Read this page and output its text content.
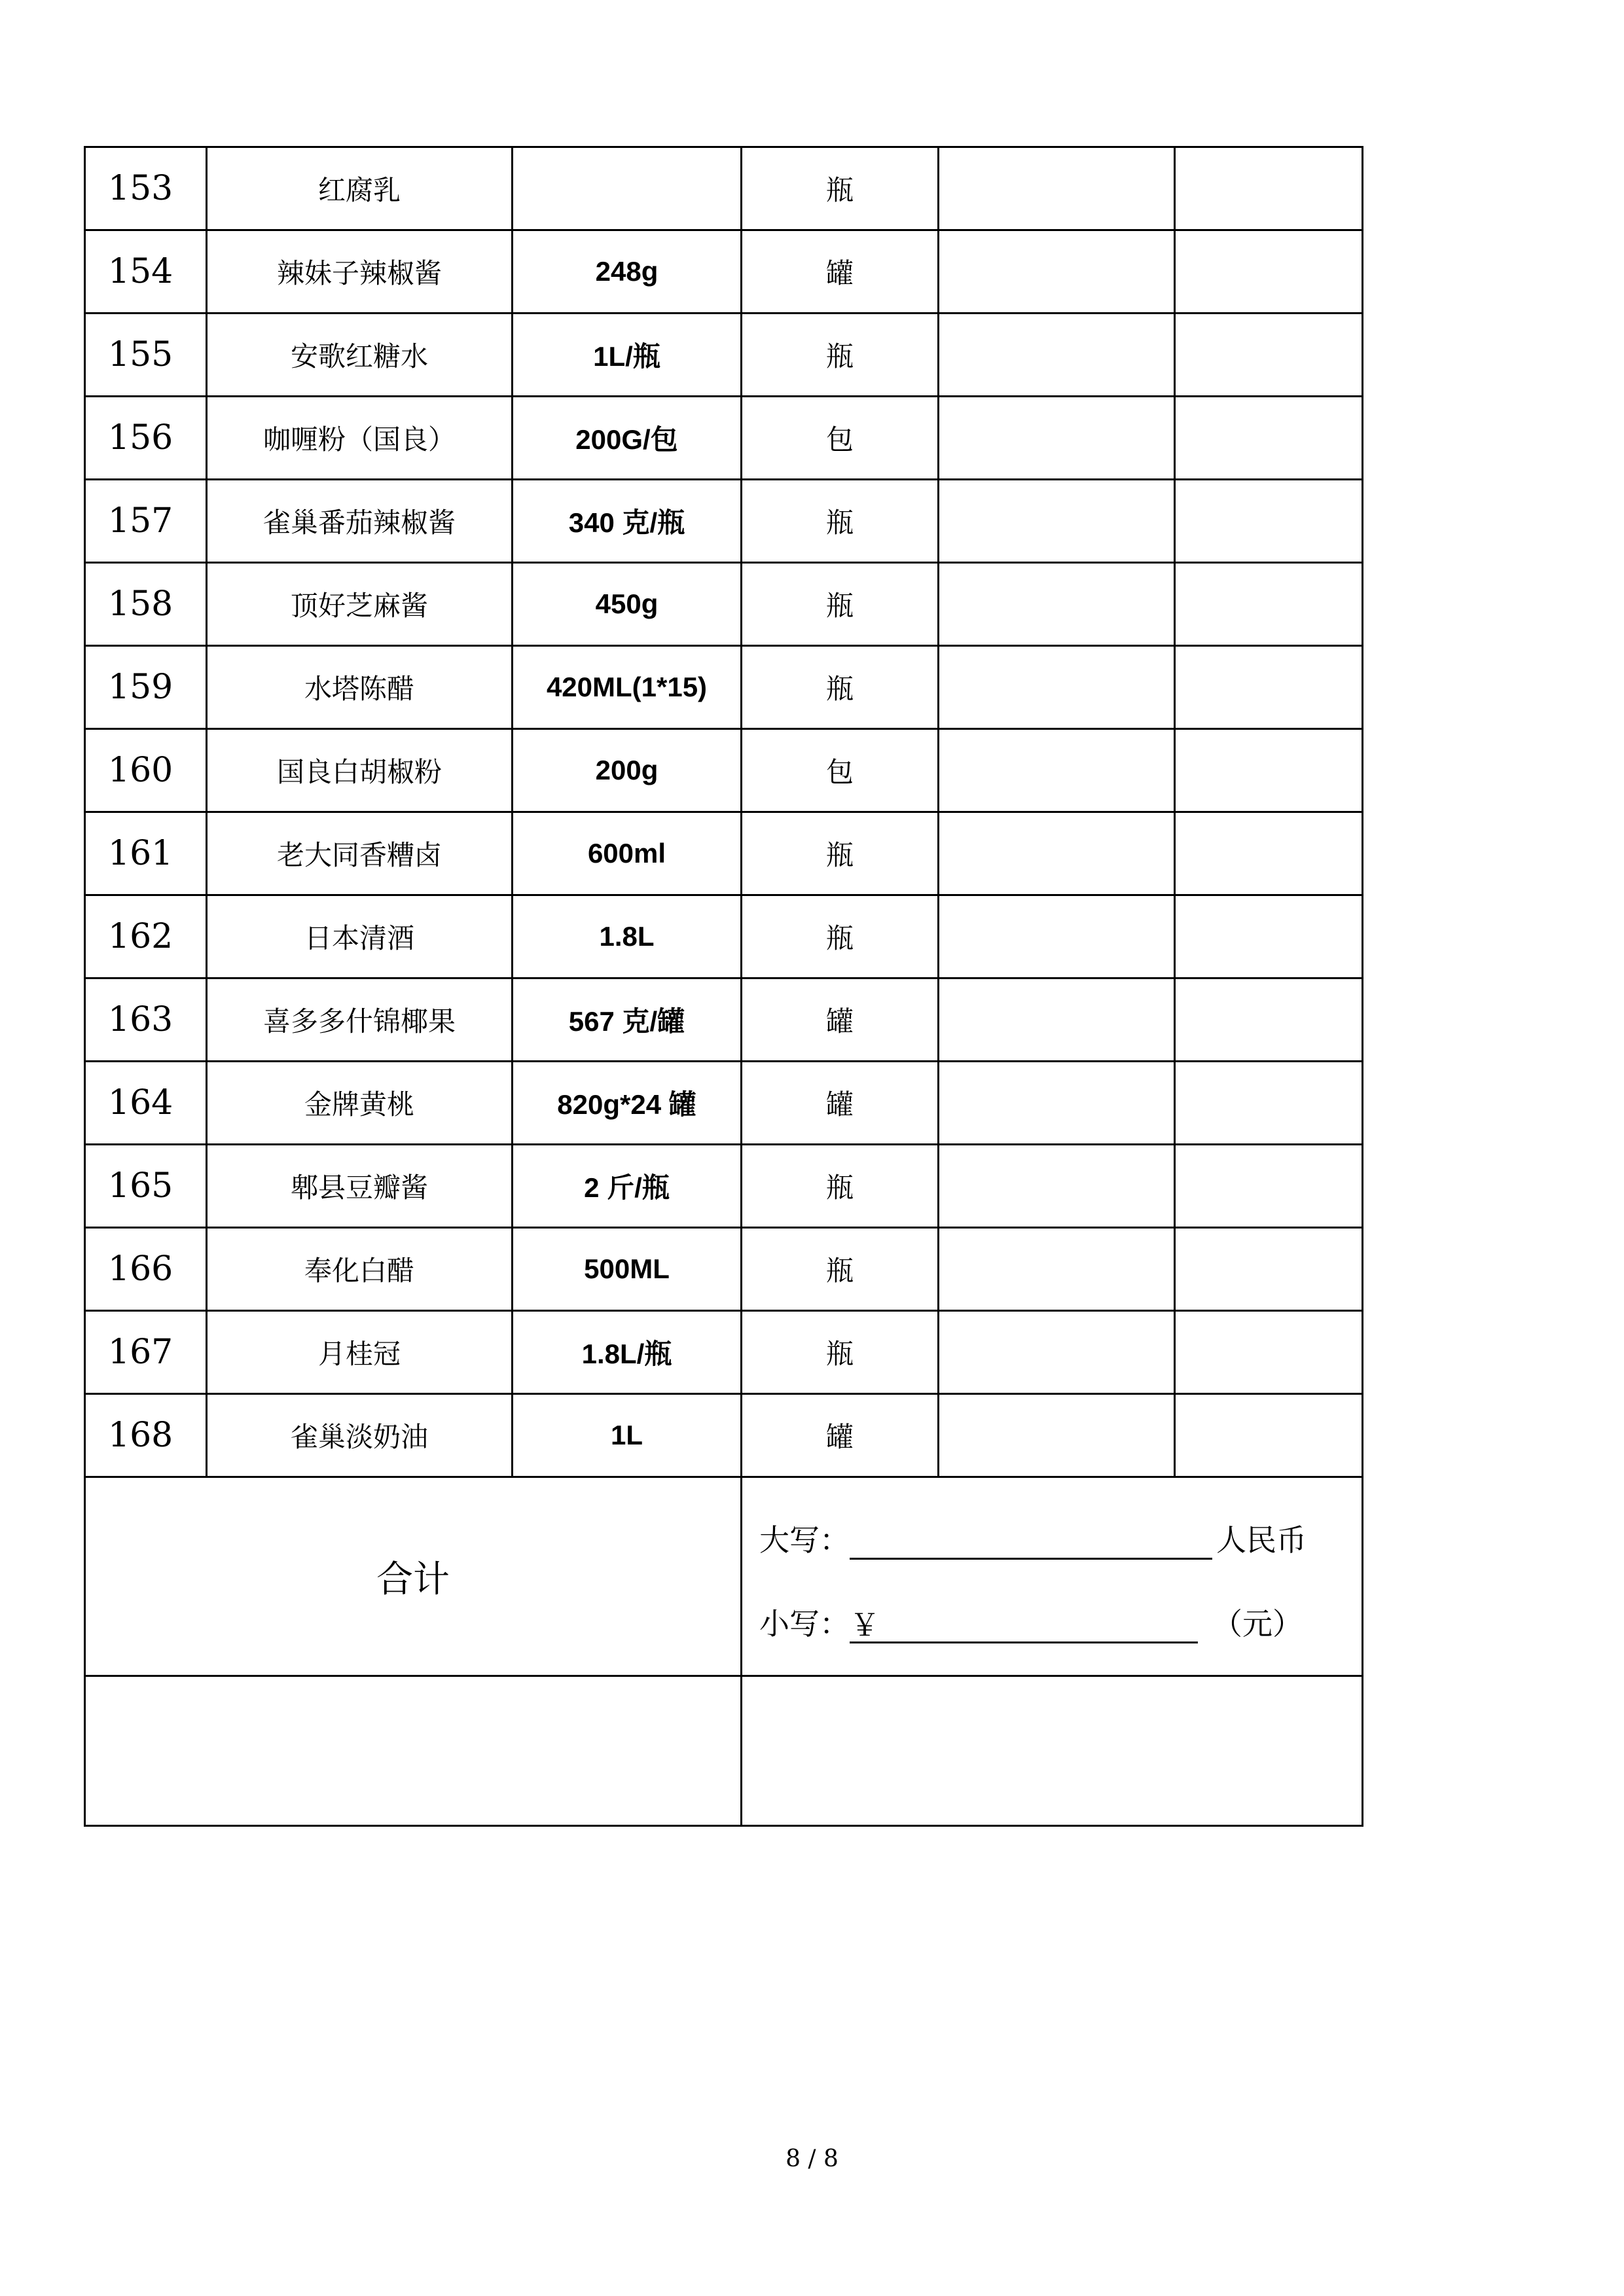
153	红腐乳		瓶		
154	辣妹子辣椒酱	248g	罐		
155	安歌红糖水	1L/瓶	瓶		
156	咖喱粉（国良）	200G/包	包		
157	雀巢番茄辣椒酱	340 克/瓶	瓶		
158	顶好芝麻酱	450g	瓶		
159	水塔陈醋	420ML(1*15)	瓶		
160	国良白胡椒粉	200g	包		
161	老大同香糟卤	600ml	瓶		
162	日本清酒	1.8L	瓶		
163	喜多多什锦椰果	567 克/罐	罐		
164	金牌黄桃	820g*24 罐	罐		
165	郫县豆瓣酱	2 斤/瓶	瓶		
166	奉化白醋	500ML	瓶		
167	月桂冠	1.8L/瓶	瓶		
168	雀巢淡奶油	1L	罐		
合计			大写： 人民币
小写： ￥ （元）		

8 / 8
